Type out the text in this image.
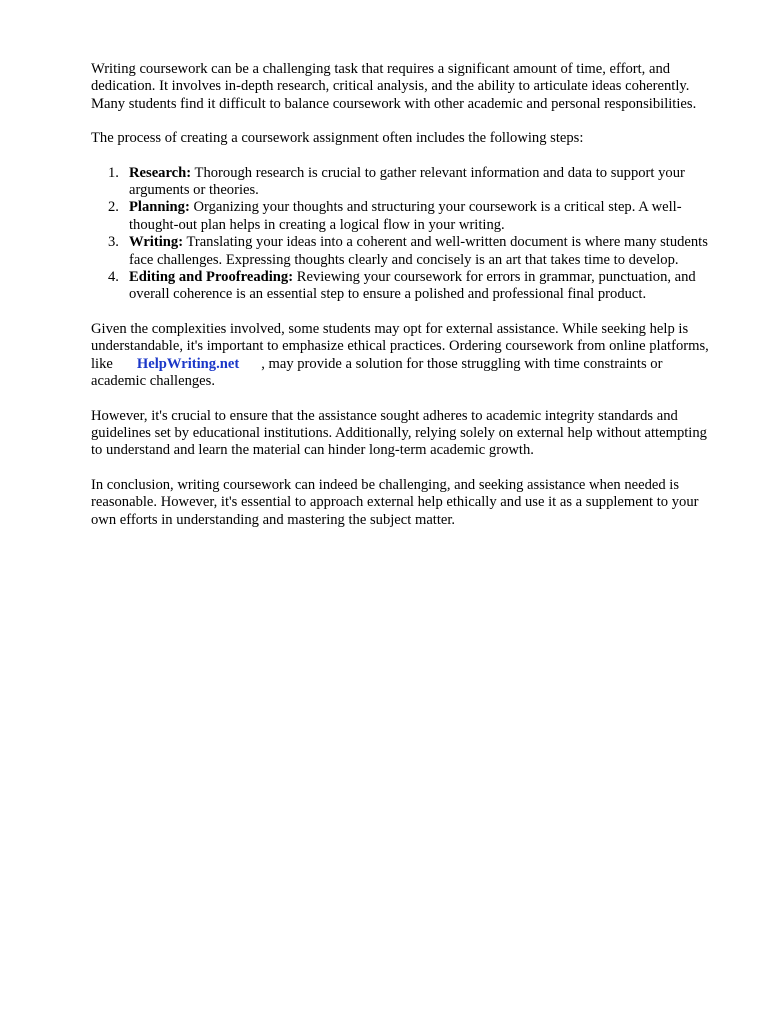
Writing coursework can be a challenging task that requires a significant amount of time, effort, and dedication. It involves in-depth research, critical analysis, and the ability to articulate ideas coherently. Many students find it difficult to balance coursework with other academic and personal responsibilities.

The process of creating a coursework assignment often includes the following steps:

1. Research: Thorough research is crucial to gather relevant information and data to support your arguments or theories.
2. Planning: Organizing your thoughts and structuring your coursework is a critical step. A well-thought-out plan helps in creating a logical flow in your writing.
3. Writing: Translating your ideas into a coherent and well-written document is where many students face challenges. Expressing thoughts clearly and concisely is an art that takes time to develop.
4. Editing and Proofreading: Reviewing your coursework for errors in grammar, punctuation, and overall coherence is an essential step to ensure a polished and professional final product.

Given the complexities involved, some students may opt for external assistance. While seeking help is understandable, it's important to emphasize ethical practices. Ordering coursework from online platforms, like HelpWriting.net , may provide a solution for those struggling with time constraints or academic challenges.

However, it's crucial to ensure that the assistance sought adheres to academic integrity standards and guidelines set by educational institutions. Additionally, relying solely on external help without attempting to understand and learn the material can hinder long-term academic growth.

In conclusion, writing coursework can indeed be challenging, and seeking assistance when needed is reasonable. However, it's essential to approach external help ethically and use it as a supplement to your own efforts in understanding and mastering the subject matter.
